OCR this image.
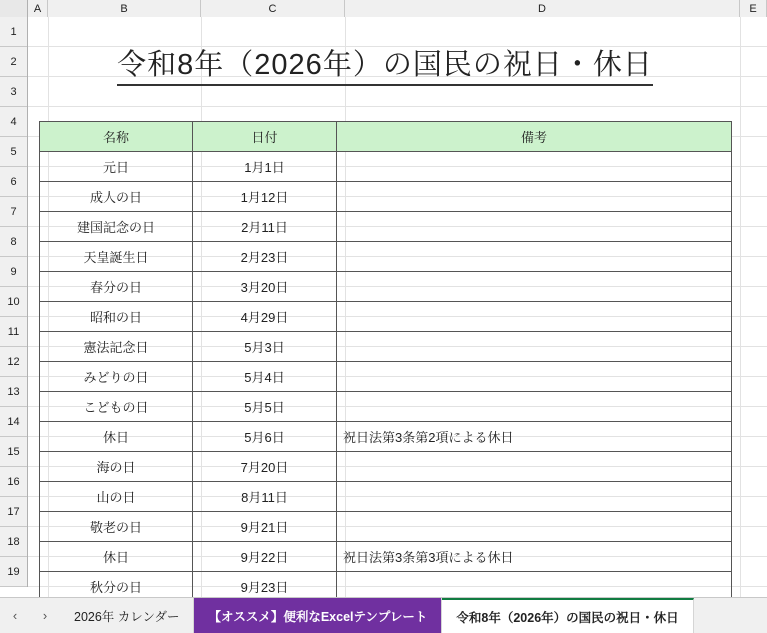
A	B	C	D	E
1
2
3
4
5
6
7
8
9
10
11
12
13
14
15
16
17
18
19
令和8年（2026年）の国民の祝日・休日
名称	日付	備考
元日	1月1日	
成人の日	1月12日	
建国記念の日	2月11日	
天皇誕生日	2月23日	
春分の日	3月20日	
昭和の日	4月29日	
憲法記念日	5月3日	
みどりの日	5月4日	
こどもの日	5月5日	
休日	5月6日	祝日法第3条第2項による休日
海の日	7月20日	
山の日	8月11日	
敬老の日	9月21日	
休日	9月22日	祝日法第3条第3項による休日
秋分の日	9月23日	
‹	›	2026年 カレンダー	【オススメ】便利なExcelテンプレート	令和8年（2026年）の国民の祝日・休日
